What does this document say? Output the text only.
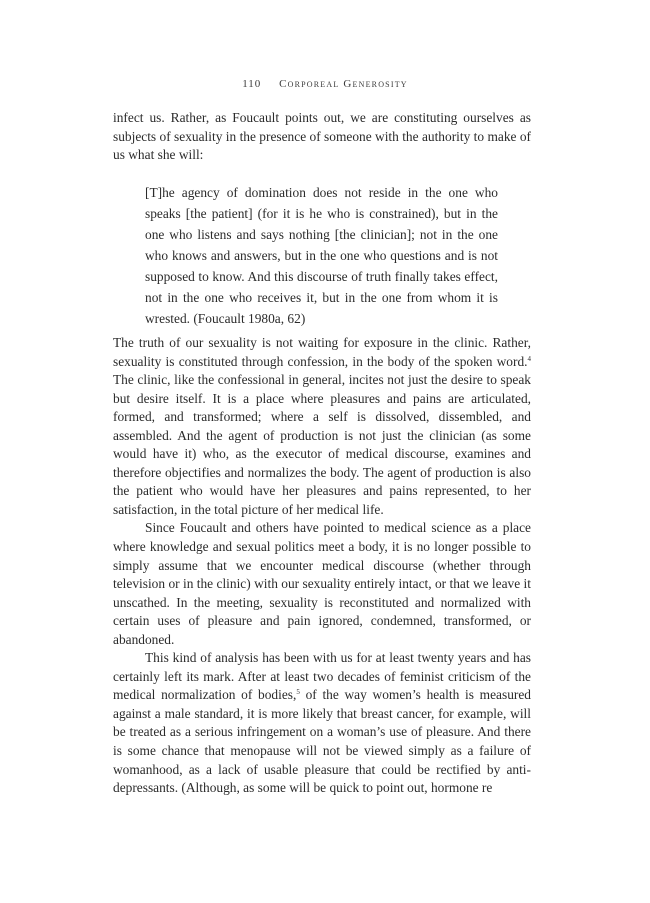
110 Corporeal Generosity

infect us. Rather, as Foucault points out, we are constituting ourselves as subjects of sexuality in the presence of someone with the authority to make of us what she will:

[T]he agency of domination does not reside in the one who speaks [the patient] (for it is he who is constrained), but in the one who listens and says nothing [the clinician]; not in the one who knows and answers, but in the one who questions and is not supposed to know. And this discourse of truth finally takes effect, not in the one who receives it, but in the one from whom it is wrested. (Foucault 1980a, 62)

The truth of our sexuality is not waiting for exposure in the clinic. Rather, sexuality is constituted through confession, in the body of the spoken word.$^4$ The clinic, like the confessional in general, incites not just the desire to speak but desire itself. It is a place where pleasures and pains are articulated, formed, and transformed; where a self is dissolved, dissembled, and assembled. And the agent of production is not just the clinician (as some would have it) who, as the executor of medical discourse, examines and therefore objectifies and normalizes the body. The agent of production is also the patient who would have her pleasures and pains represented, to her satisfaction, in the total picture of her medical life.

Since Foucault and others have pointed to medical science as a place where knowledge and sexual politics meet a body, it is no longer possible to simply assume that we encounter medical discourse (whether through television or in the clinic) with our sexuality entirely intact, or that we leave it unscathed. In the meeting, sexuality is reconstituted and normalized with certain uses of pleasure and pain ignored, condemned, transformed, or abandoned.

This kind of analysis has been with us for at least twenty years and has certainly left its mark. After at least two decades of feminist criticism of the medical normalization of bodies,$^5$ of the way women’s health is measured against a male standard, it is more likely that breast cancer, for example, will be treated as a serious infringement on a woman’s use of pleasure. And there is some chance that menopause will not be viewed simply as a failure of womanhood, as a lack of usable pleasure that could be rectified by antidepressants. (Although, as some will be quick to point out, hormone re
